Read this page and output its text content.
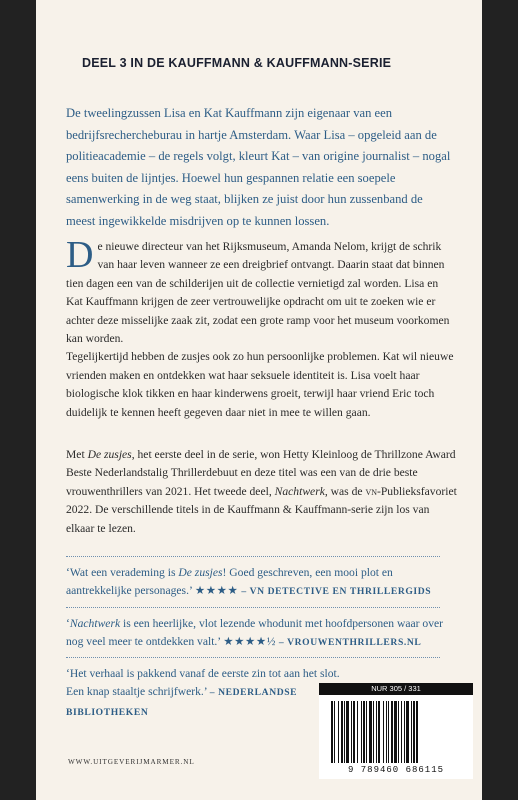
DEEL 3 IN DE KAUFFMANN & KAUFFMANN-SERIE

De tweelingzussen Lisa en Kat Kauffmann zijn eigenaar van een bedrijfsrechercheburau in hartje Amsterdam. Waar Lisa – opgeleid aan de politieacademie – de regels volgt, kleurt Kat – van origine journalist – nogal eens buiten de lijntjes. Hoewel hun gespannen relatie een soepele samenwerking in de weg staat, blijken ze juist door hun zussenband de meest ingewikkelde misdrijven op te kunnen lossen.

De nieuwe directeur van het Rijksmuseum, Amanda Nelom, krijgt de schrik van haar leven wanneer ze een dreigbrief ontvangt. Daarin staat dat binnen tien dagen een van de schilderijen uit de collectie vernietigd zal worden. Lisa en Kat Kauffmann krijgen de zeer vertrouwelijke opdracht om uit te zoeken wie er achter deze misselijke zaak zit, zodat een grote ramp voor het museum voorkomen kan worden.

Tegelijkertijd hebben de zusjes ook zo hun persoonlijke problemen. Kat wil nieuwe vrienden maken en ontdekken wat haar seksuele identiteit is. Lisa voelt haar biologische klok tikken en haar kinderwens groeit, terwijl haar vriend Eric toch duidelijk te kennen heeft gegeven daar niet in mee te willen gaan.

Met De zusjes, het eerste deel in de serie, won Hetty Kleinloog de Thrillzone Award Beste Nederlandstalig Thrillerdebuut en deze titel was een van de drie beste vrouwenthrillers van 2021. Het tweede deel, Nachtwerk, was de vn-Publieksfavoriet 2022. De verschillende titels in de Kauffmann & Kauffmann-serie zijn los van elkaar te lezen.

‘Wat een verademing is De zusjes! Goed geschreven, een mooi plot en aantrekkelijke personages.’ ★★★★ – VN DETECTIVE EN THRILLERGIDS

‘Nachtwerk is een heerlijke, vlot lezende whodunit met hoofdpersonen waar over nog veel meer te ontdekken valt.’ ★★★★½ – VROUWENTHRILLERS.NL

‘Het verhaal is pakkend vanaf de eerste zin tot aan het slot. Een knap staaltje schrijfwerk.’ – NEDERLANDSE BIBLIOTHEKEN

NUR 305 / 331
9 789460 686115
WWW.UITGEVERIJMARMER.NL
